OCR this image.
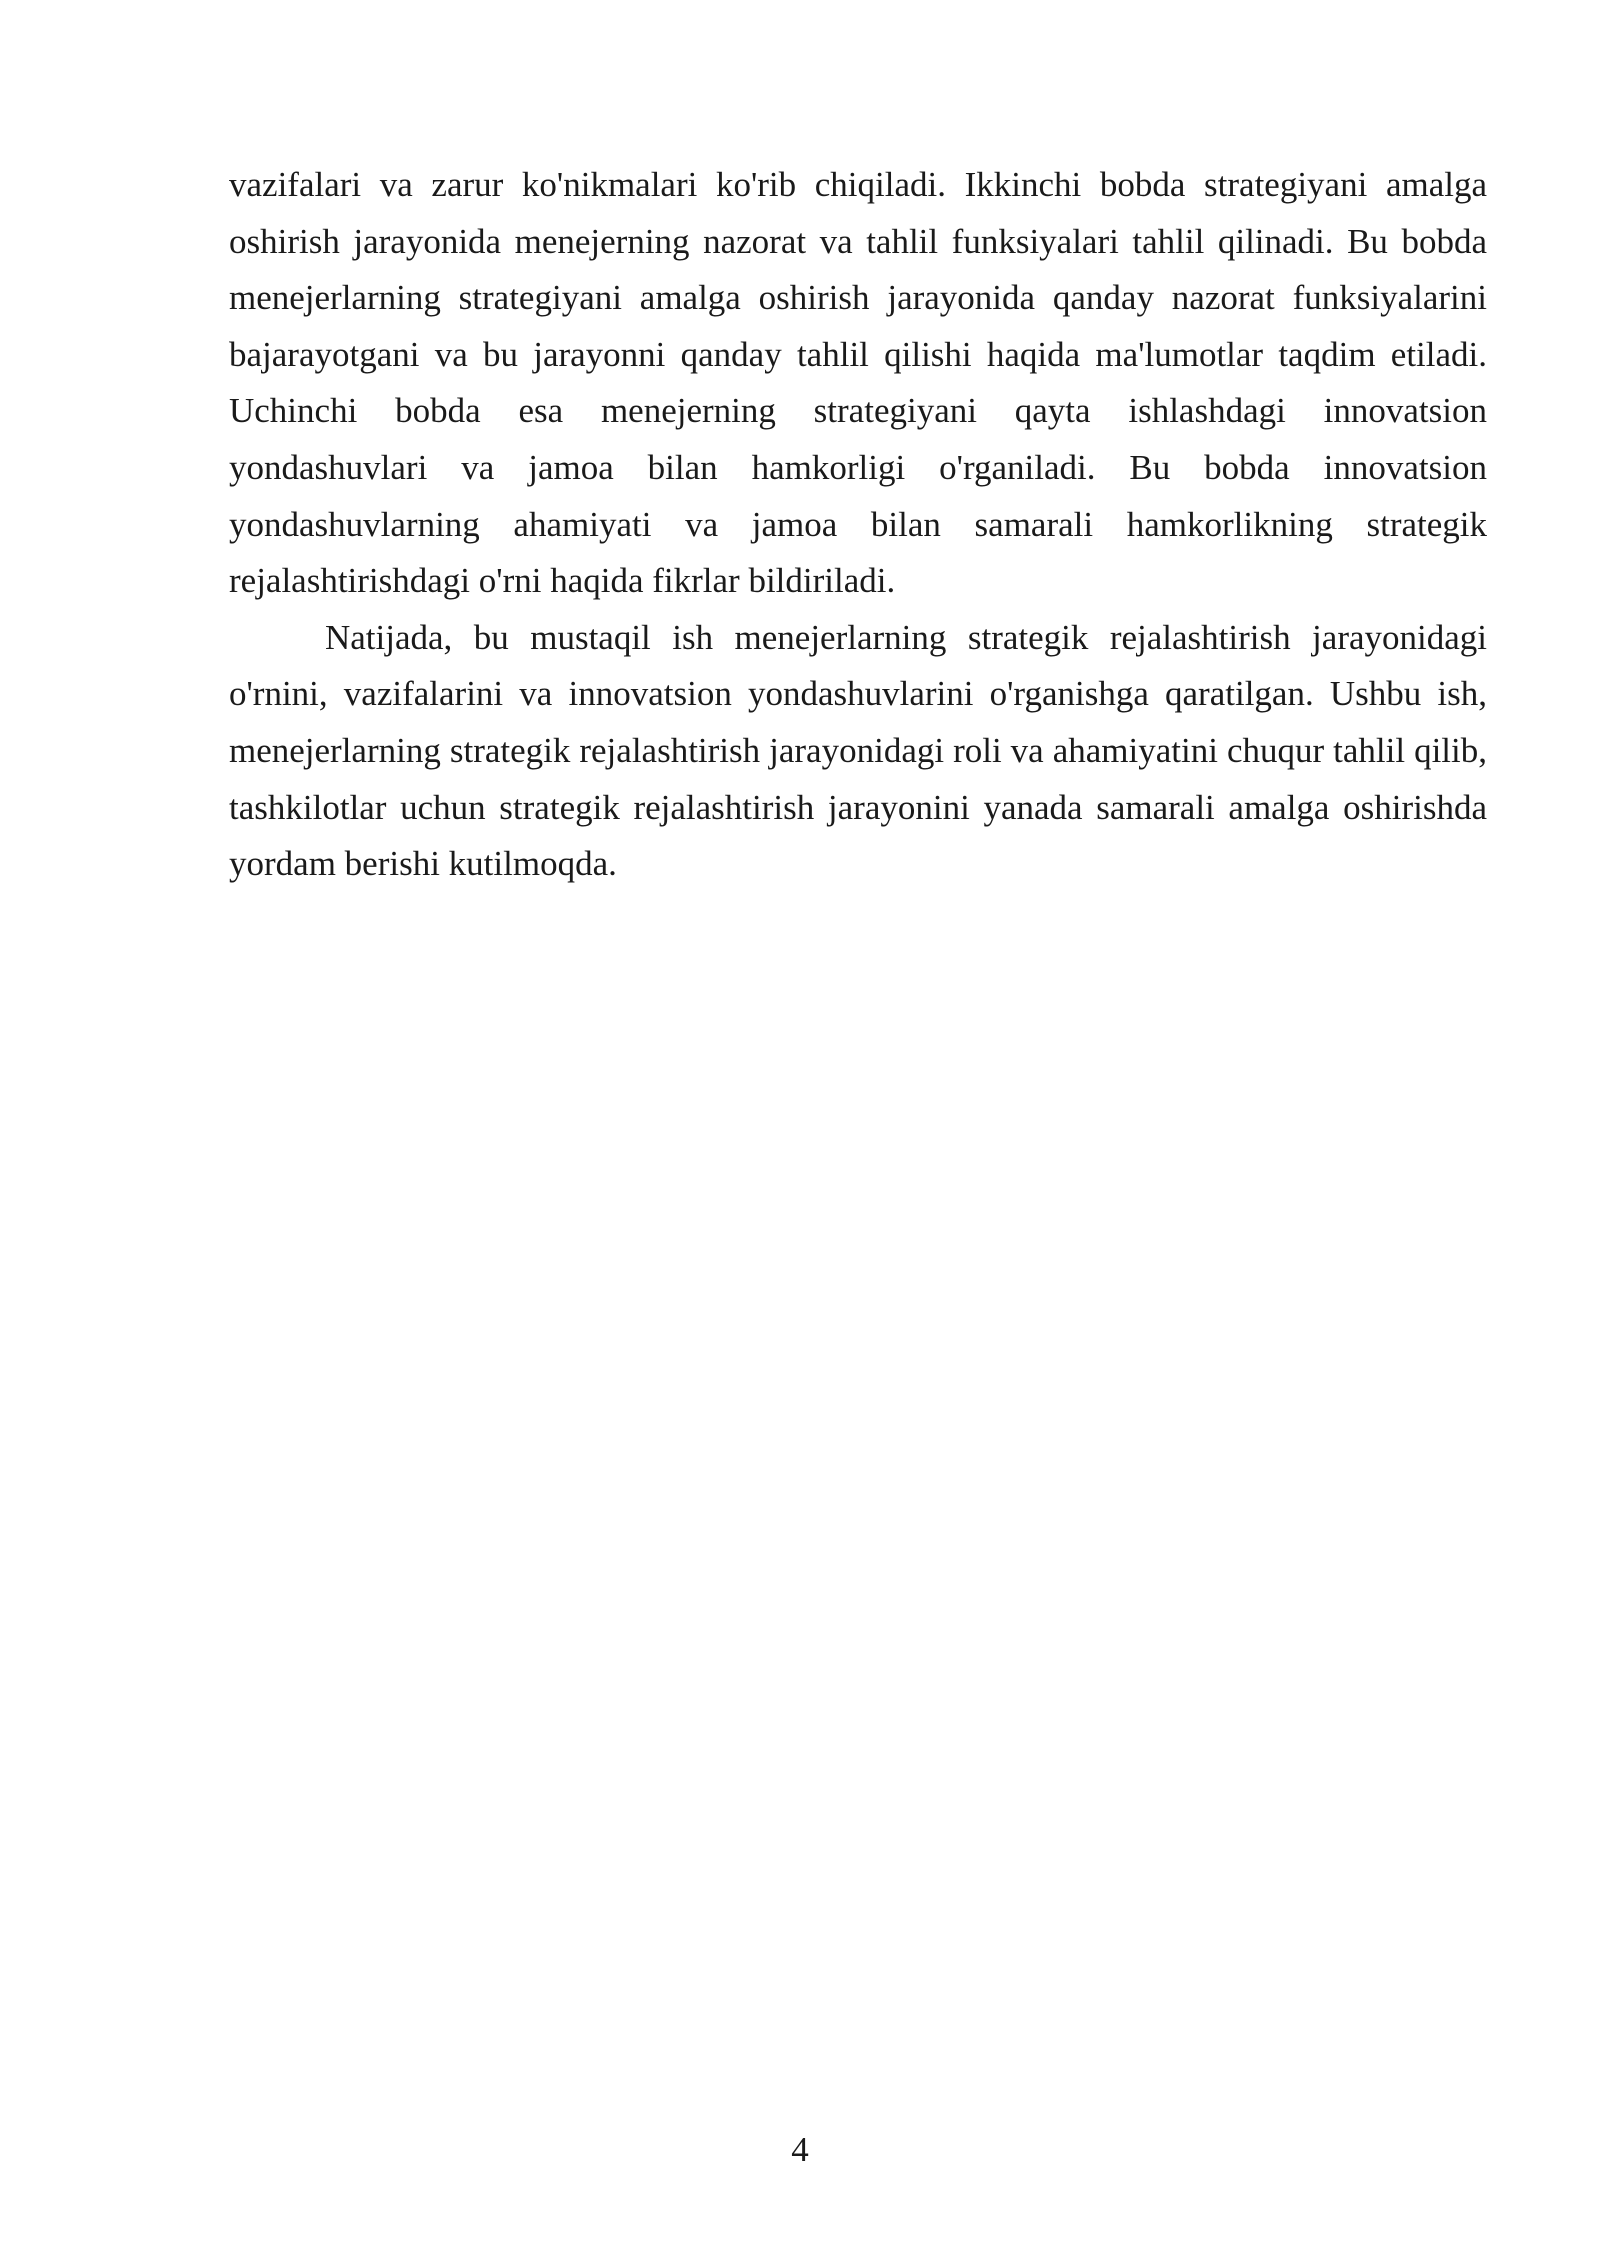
vazifalari va zarur ko'nikmalari ko'rib chiqiladi. Ikkinchi bobda strategiyani amalga oshirish jarayonida menejerning nazorat va tahlil funksiyalari tahlil qilinadi. Bu bobda menejerlarning strategiyani amalga oshirish jarayonida qanday nazorat funksiyalarini bajarayotgani va bu jarayonni qanday tahlil qilishi haqida ma'lumotlar taqdim etiladi. Uchinchi bobda esa menejerning strategiyani qayta ishlashdagi innovatsion yondashuvlari va jamoa bilan hamkorligi o'rganiladi. Bu bobda innovatsion yondashuvlarning ahamiyati va jamoa bilan samarali hamkorlikning strategik rejalashtirishdagi o'rni haqida fikrlar bildiriladi.

Natijada, bu mustaqil ish menejerlarning strategik rejalashtirish jarayonidagi o'rnini, vazifalarini va innovatsion yondashuvlarini o'rganishga qaratilgan. Ushbu ish, menejerlarning strategik rejalashtirish jarayonidagi roli va ahamiyatini chuqur tahlil qilib, tashkilotlar uchun strategik rejalashtirish jarayonini yanada samarali amalga oshirishda yordam berishi kutilmoqda.

4
